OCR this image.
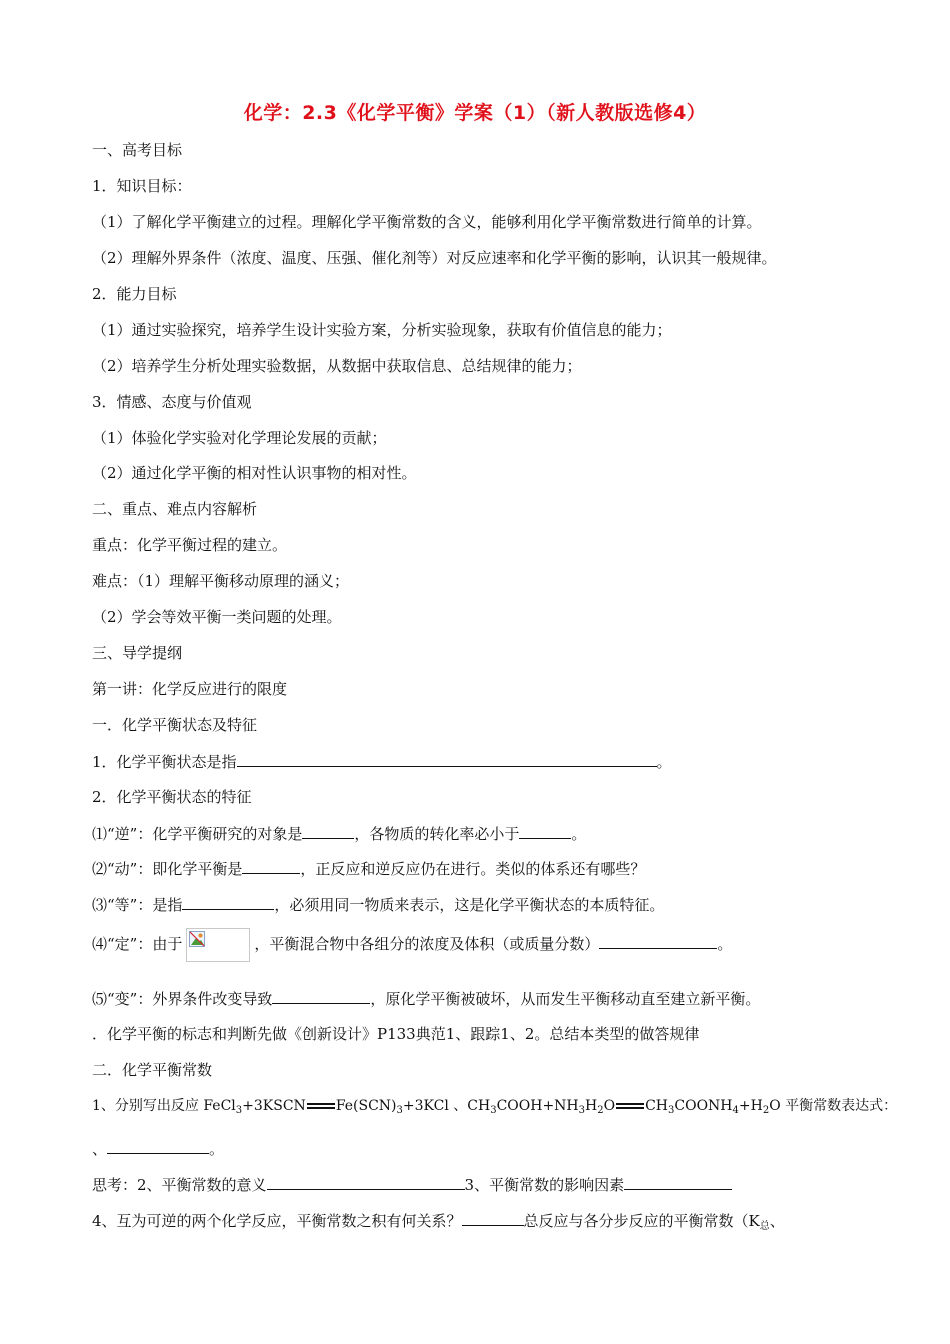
化学：2.3《化学平衡》学案（1）（新人教版选修4）
一、高考目标
1．知识目标：
（1）了解化学平衡建立的过程。理解化学平衡常数的含义，能够利用化学平衡常数进行简单的计算。
（2）理解外界条件（浓度、温度、压强、催化剂等）对反应速率和化学平衡的影响，认识其一般规律。
2．能力目标
（1）通过实验探究，培养学生设计实验方案，分析实验现象，获取有价值信息的能力；
（2）培养学生分析处理实验数据，从数据中获取信息、总结规律的能力；
3．情感、态度与价值观
（1）体验化学实验对化学理论发展的贡献；
（2）通过化学平衡的相对性认识事物的相对性。
二、重点、难点内容解析
重点：化学平衡过程的建立。
难点：（1）理解平衡移动原理的涵义；
（2）学会等效平衡一类问题的处理。
三、导学提纲
第一讲：化学反应进行的限度
一．化学平衡状态及特征
1．化学平衡状态是指	。
2．化学平衡状态的特征
⑴“逆”：化学平衡研究的对象是	，各物质的转化率必小于	。
⑵“动”：即化学平衡是	，正反应和逆反应仍在进行。类似的体系还有哪些？
⑶“等”：是指	，必须用同一物质来表示，这是化学平衡状态的本质特征。
⑷“定”：由于	，平衡混合物中各组分的浓度及体积（或质量分数）	。
⑸“变”：外界条件改变导致	，原化学平衡被破坏，从而发生平衡移动直至建立新平衡。
．化学平衡的标志和判断先做《创新设计》P133典范1、跟踪1、2。总结本类型的做答规律
二．化学平衡常数
1、分别写出反应 FeCl$_3$+3KSCN $Fe(SCN)_3+3KCl$ 、$CH_3COOH+NH_3H_2O$ $CH_3COONH_4+H_2O$ 平衡常数表达式：
、	。
思考：2、平衡常数的意义	3、平衡常数的影响因素
4、互为可逆的两个化学反应，平衡常数之积有何关系？	总反应与各分步反应的平衡常数（$K_总$、
